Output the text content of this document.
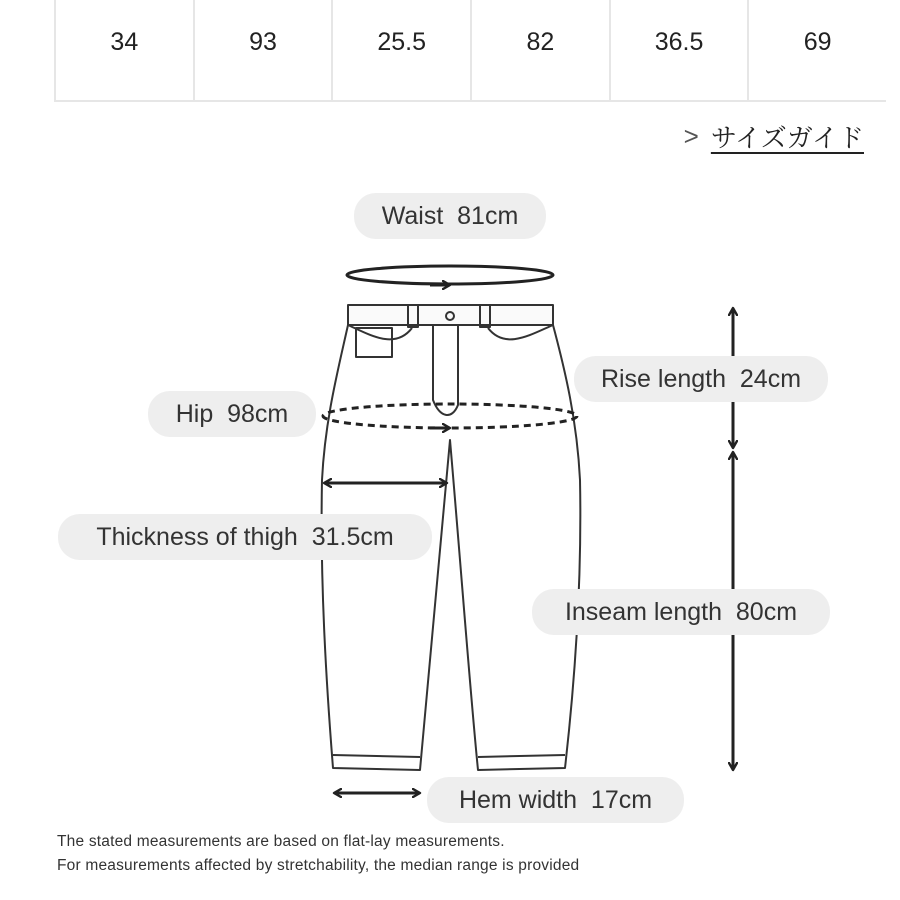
34	93	25.5	82	36.5	69
> サイズガイド
Waist  81cm
Rise length  24cm
Hip  98cm
Thickness of thigh  31.5cm
Inseam length  80cm
Hem width  17cm
The stated measurements are based on flat-lay measurements.
For measurements affected by stretchability, the median range is provided
